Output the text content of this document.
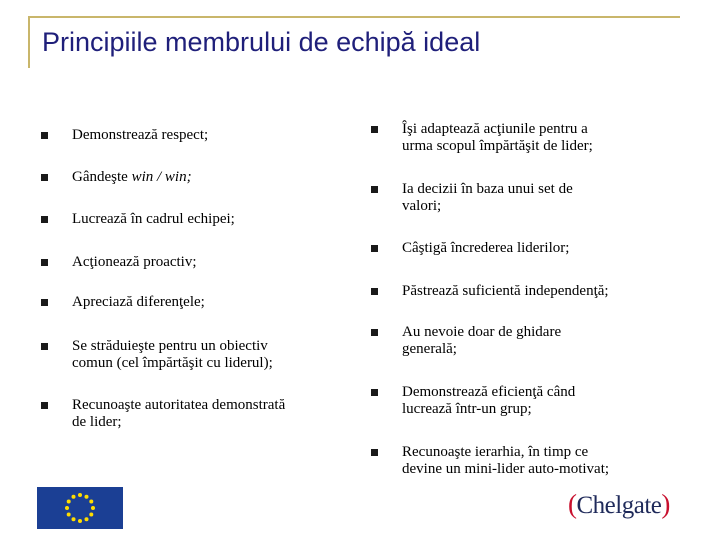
Principiile membrului de echipă ideal
Demonstrează respect;
Gândeşte win / win;
Lucrează în cadrul echipei;
Acţionează proactiv;
Apreciază diferenţele;
Se străduieşte pentru un obiectiv
comun (cel împărtăşit cu liderul);
Recunoaşte autoritatea demonstrată
de lider;
Îşi adaptează acţiunile pentru a
urma scopul împărtăşit de lider;
Ia decizii în baza unui set de
valori;
Câştigă încrederea liderilor;
Păstrează suficientă independenţă;
Au nevoie doar de ghidare
generală;
Demonstrează eficienţă când
lucrează într-un grup;
Recunoaşte ierarhia, în timp ce
devine un mini-lider auto-motivat;
(Chelgate)
